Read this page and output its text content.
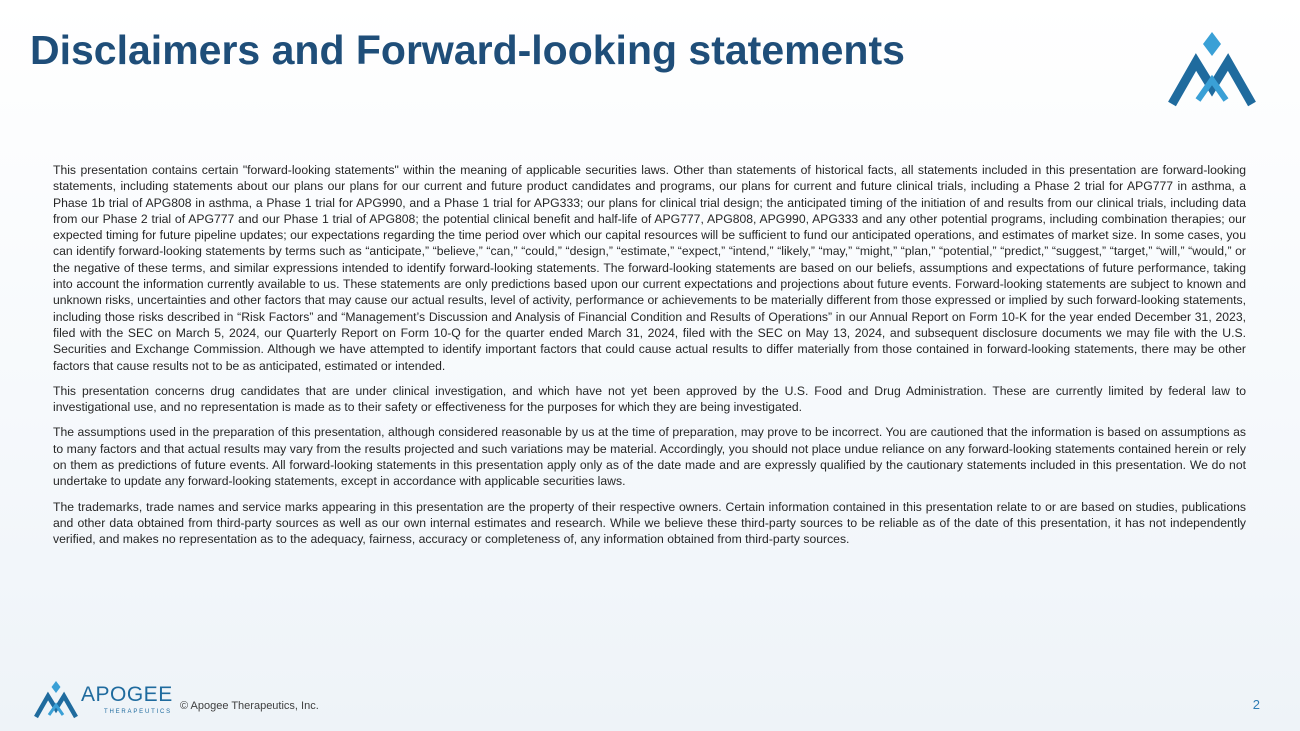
Disclaimers and Forward-looking statements

This presentation contains certain "forward-looking statements" within the meaning of applicable securities laws. Other than statements of historical facts, all statements included in this presentation are forward-looking statements, including statements about our plans our plans for our current and future product candidates and programs, our plans for current and future clinical trials, including a Phase 2 trial for APG777 in asthma, a Phase 1b trial of APG808 in asthma, a Phase 1 trial for APG990, and a Phase 1 trial for APG333; our plans for clinical trial design; the anticipated timing of the initiation of and results from our clinical trials, including data from our Phase 2 trial of APG777 and our Phase 1 trial of APG808; the potential clinical benefit and half-life of APG777, APG808, APG990, APG333 and any other potential programs, including combination therapies; our expected timing for future pipeline updates; our expectations regarding the time period over which our capital resources will be sufficient to fund our anticipated operations, and estimates of market size. In some cases, you can identify forward-looking statements by terms such as “anticipate,” “believe,” “can,” “could,” “design,” “estimate,” “expect,” “intend,” “likely,” “may,” “might,” “plan,” “potential,” “predict,” “suggest,” “target,” “will,” “would,” or the negative of these terms, and similar expressions intended to identify forward-looking statements. The forward-looking statements are based on our beliefs, assumptions and expectations of future performance, taking into account the information currently available to us. These statements are only predictions based upon our current expectations and projections about future events. Forward-looking statements are subject to known and unknown risks, uncertainties and other factors that may cause our actual results, level of activity, performance or achievements to be materially different from those expressed or implied by such forward-looking statements, including those risks described in “Risk Factors” and “Management’s Discussion and Analysis of Financial Condition and Results of Operations” in our Annual Report on Form 10-K for the year ended December 31, 2023, filed with the SEC on March 5, 2024, our Quarterly Report on Form 10-Q for the quarter ended March 31, 2024, filed with the SEC on May 13, 2024, and subsequent disclosure documents we may file with the U.S. Securities and Exchange Commission. Although we have attempted to identify important factors that could cause actual results to differ materially from those contained in forward-looking statements, there may be other factors that cause results not to be as anticipated, estimated or intended.

This presentation concerns drug candidates that are under clinical investigation, and which have not yet been approved by the U.S. Food and Drug Administration. These are currently limited by federal law to investigational use, and no representation is made as to their safety or effectiveness for the purposes for which they are being investigated.

The assumptions used in the preparation of this presentation, although considered reasonable by us at the time of preparation, may prove to be incorrect. You are cautioned that the information is based on assumptions as to many factors and that actual results may vary from the results projected and such variations may be material. Accordingly, you should not place undue reliance on any forward-looking statements contained herein or rely on them as predictions of future events. All forward-looking statements in this presentation apply only as of the date made and are expressly qualified by the cautionary statements included in this presentation. We do not undertake to update any forward-looking statements, except in accordance with applicable securities laws.

The trademarks, trade names and service marks appearing in this presentation are the property of their respective owners. Certain information contained in this presentation relate to or are based on studies, publications and other data obtained from third-party sources as well as our own internal estimates and research. While we believe these third-party sources to be reliable as of the date of this presentation, it has not independently verified, and makes no representation as to the adequacy, fairness, accuracy or completeness of, any information obtained from third-party sources.

APOGEE
THERAPEUTICS © Apogee Therapeutics, Inc.	2
